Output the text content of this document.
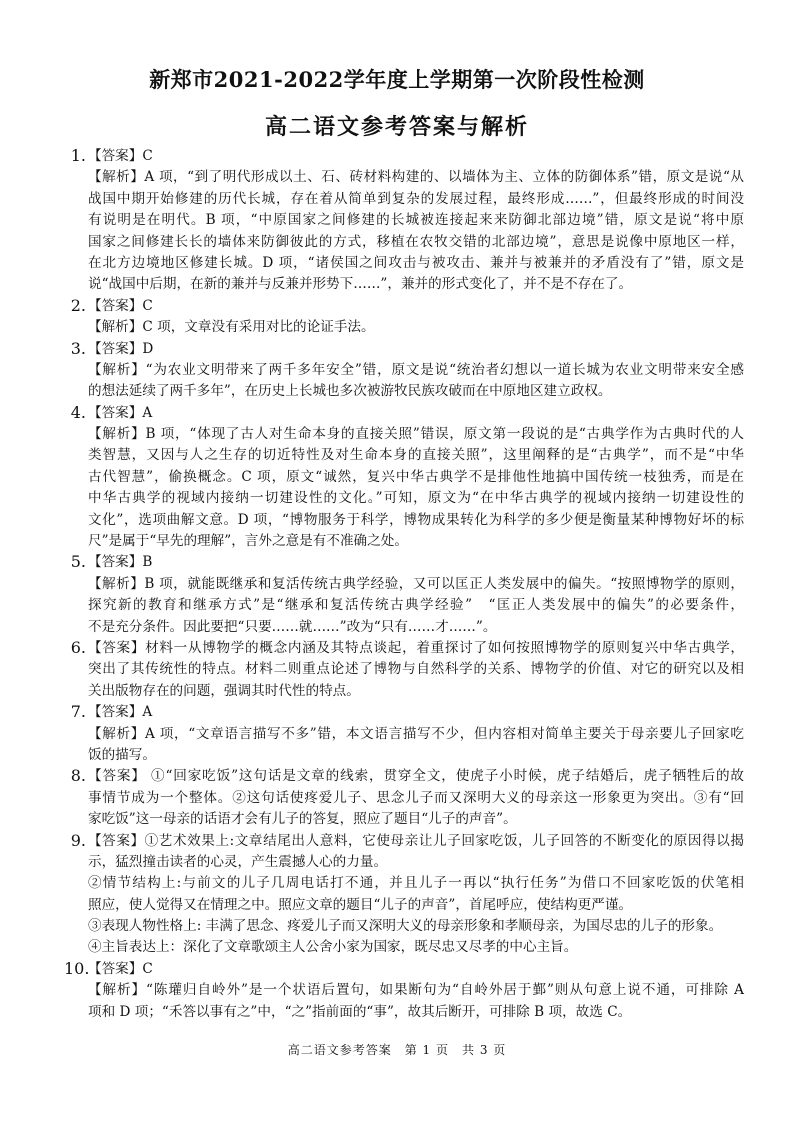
新郑市2021-2022学年度上学期第一次阶段性检测
高二语文参考答案与解析
1. 【答案】C
【解析】A 项，“到了明代形成以土、石、砖材料构建的、以墙体为主、立体的防御体系”错，原文是说“从
战国中期开始修建的历代长城，存在着从简单到复杂的发展过程，最终形成……”，但最终形成的时间没
有说明是在明代。B 项，“中原国家之间修建的长城被连接起来来防御北部边境”错，原文是说“将中原
国家之间修建长长的墙体来防御彼此的方式，移植在农牧交错的北部边境”，意思是说像中原地区一样，
在北方边境地区修建长城。D 项，“诸侯国之间攻击与被攻击、兼并与被兼并的矛盾没有了”错，原文是
说“战国中后期，在新的兼并与反兼并形势下……”，兼并的形式变化了，并不是不存在了。
2. 【答案】C
【解析】C 项，文章没有采用对比的论证手法。
3. 【答案】D
【解析】“为农业文明带来了两千多年安全”错，原文是说“统治者幻想以一道长城为农业文明带来安全感
的想法延续了两千多年”，在历史上长城也多次被游牧民族攻破而在中原地区建立政权。
4. 【答案】A
【解析】B 项，“体现了古人对生命本身的直接关照”错误，原文第一段说的是“古典学作为古典时代的人
类智慧，又因与人之生存的切近特性及对生命本身的直接关照”，这里阐释的是“古典学”，而不是“中华
古代智慧”，偷换概念。C 项，原文“诚然，复兴中华古典学不是排他性地搞中国传统一枝独秀，而是在
中华古典学的视域内接纳一切建设性的文化。”可知，原文为“在中华古典学的视域内接纳一切建设性的
文化”，选项曲解文意。D 项，“博物服务于科学，博物成果转化为科学的多少便是衡量某种博物好坏的标
尺”是属于“早先的理解”，言外之意是有不准确之处。
5. 【答案】B
【解析】B 项，就能既继承和复活传统古典学经验，又可以匡正人类发展中的偏失。“按照博物学的原则，
探究新的教育和继承方式”是“继承和复活传统古典学经验”　“匡正人类发展中的偏失”的必要条件，
不是充分条件。因此要把“只要……就……”改为“只有……才……”。
6. 【答案】材料一从博物学的概念内涵及其特点谈起，着重探讨了如何按照博物学的原则复兴中华古典学，
突出了其传统性的特点。材料二则重点论述了博物与自然科学的关系、博物学的价值、对它的研究以及相
关出版物存在的问题，强调其时代性的特点。
7. 【答案】A
【解析】A 项，“文章语言描写不多”错，本文语言描写不少，但内容相对简单主要关于母亲要儿子回家吃
饭的描写。
8. 【答案】 ①“回家吃饭”这句话是文章的线索，贯穿全文，使虎子小时候，虎子结婚后，虎子牺牲后的故
事情节成为一个整体。②这句话使疼爱儿子、思念儿子而又深明大义的母亲这一形象更为突出。③有“回
家吃饭”这一母亲的话语才会有儿子的答复，照应了题目“儿子的声音”。
9. 【答案】①艺术效果上:文章结尾出人意料，它使母亲让儿子回家吃饭，儿子回答的不断变化的原因得以揭
示，猛烈撞击读者的心灵，产生震撼人心的力量。
②情节结构上:与前文的儿子几周电话打不通，并且儿子一再以“执行任务”为借口不回家吃饭的伏笔相
照应，使人觉得又在情理之中。照应文章的题目“儿子的声音”，首尾呼应，使结构更严谨。
③表现人物性格上: 丰满了思念、疼爱儿子而又深明大义的母亲形象和孝顺母亲，为国尽忠的儿子的形象。
④主旨表达上：深化了文章歌颂主人公舍小家为国家，既尽忠又尽孝的中心主旨。
10.
【答案】C
【解析】“陈瓘归自岭外”是一个状语后置句，如果断句为“自岭外居于鄞”则从句意上说不通，可排除 A
项和 D 项；“禾答以事有之”中，“之”指前面的“事”，故其后断开，可排除 B 项，故选 C。
高二语文参考答案　第 1 页　共 3 页
